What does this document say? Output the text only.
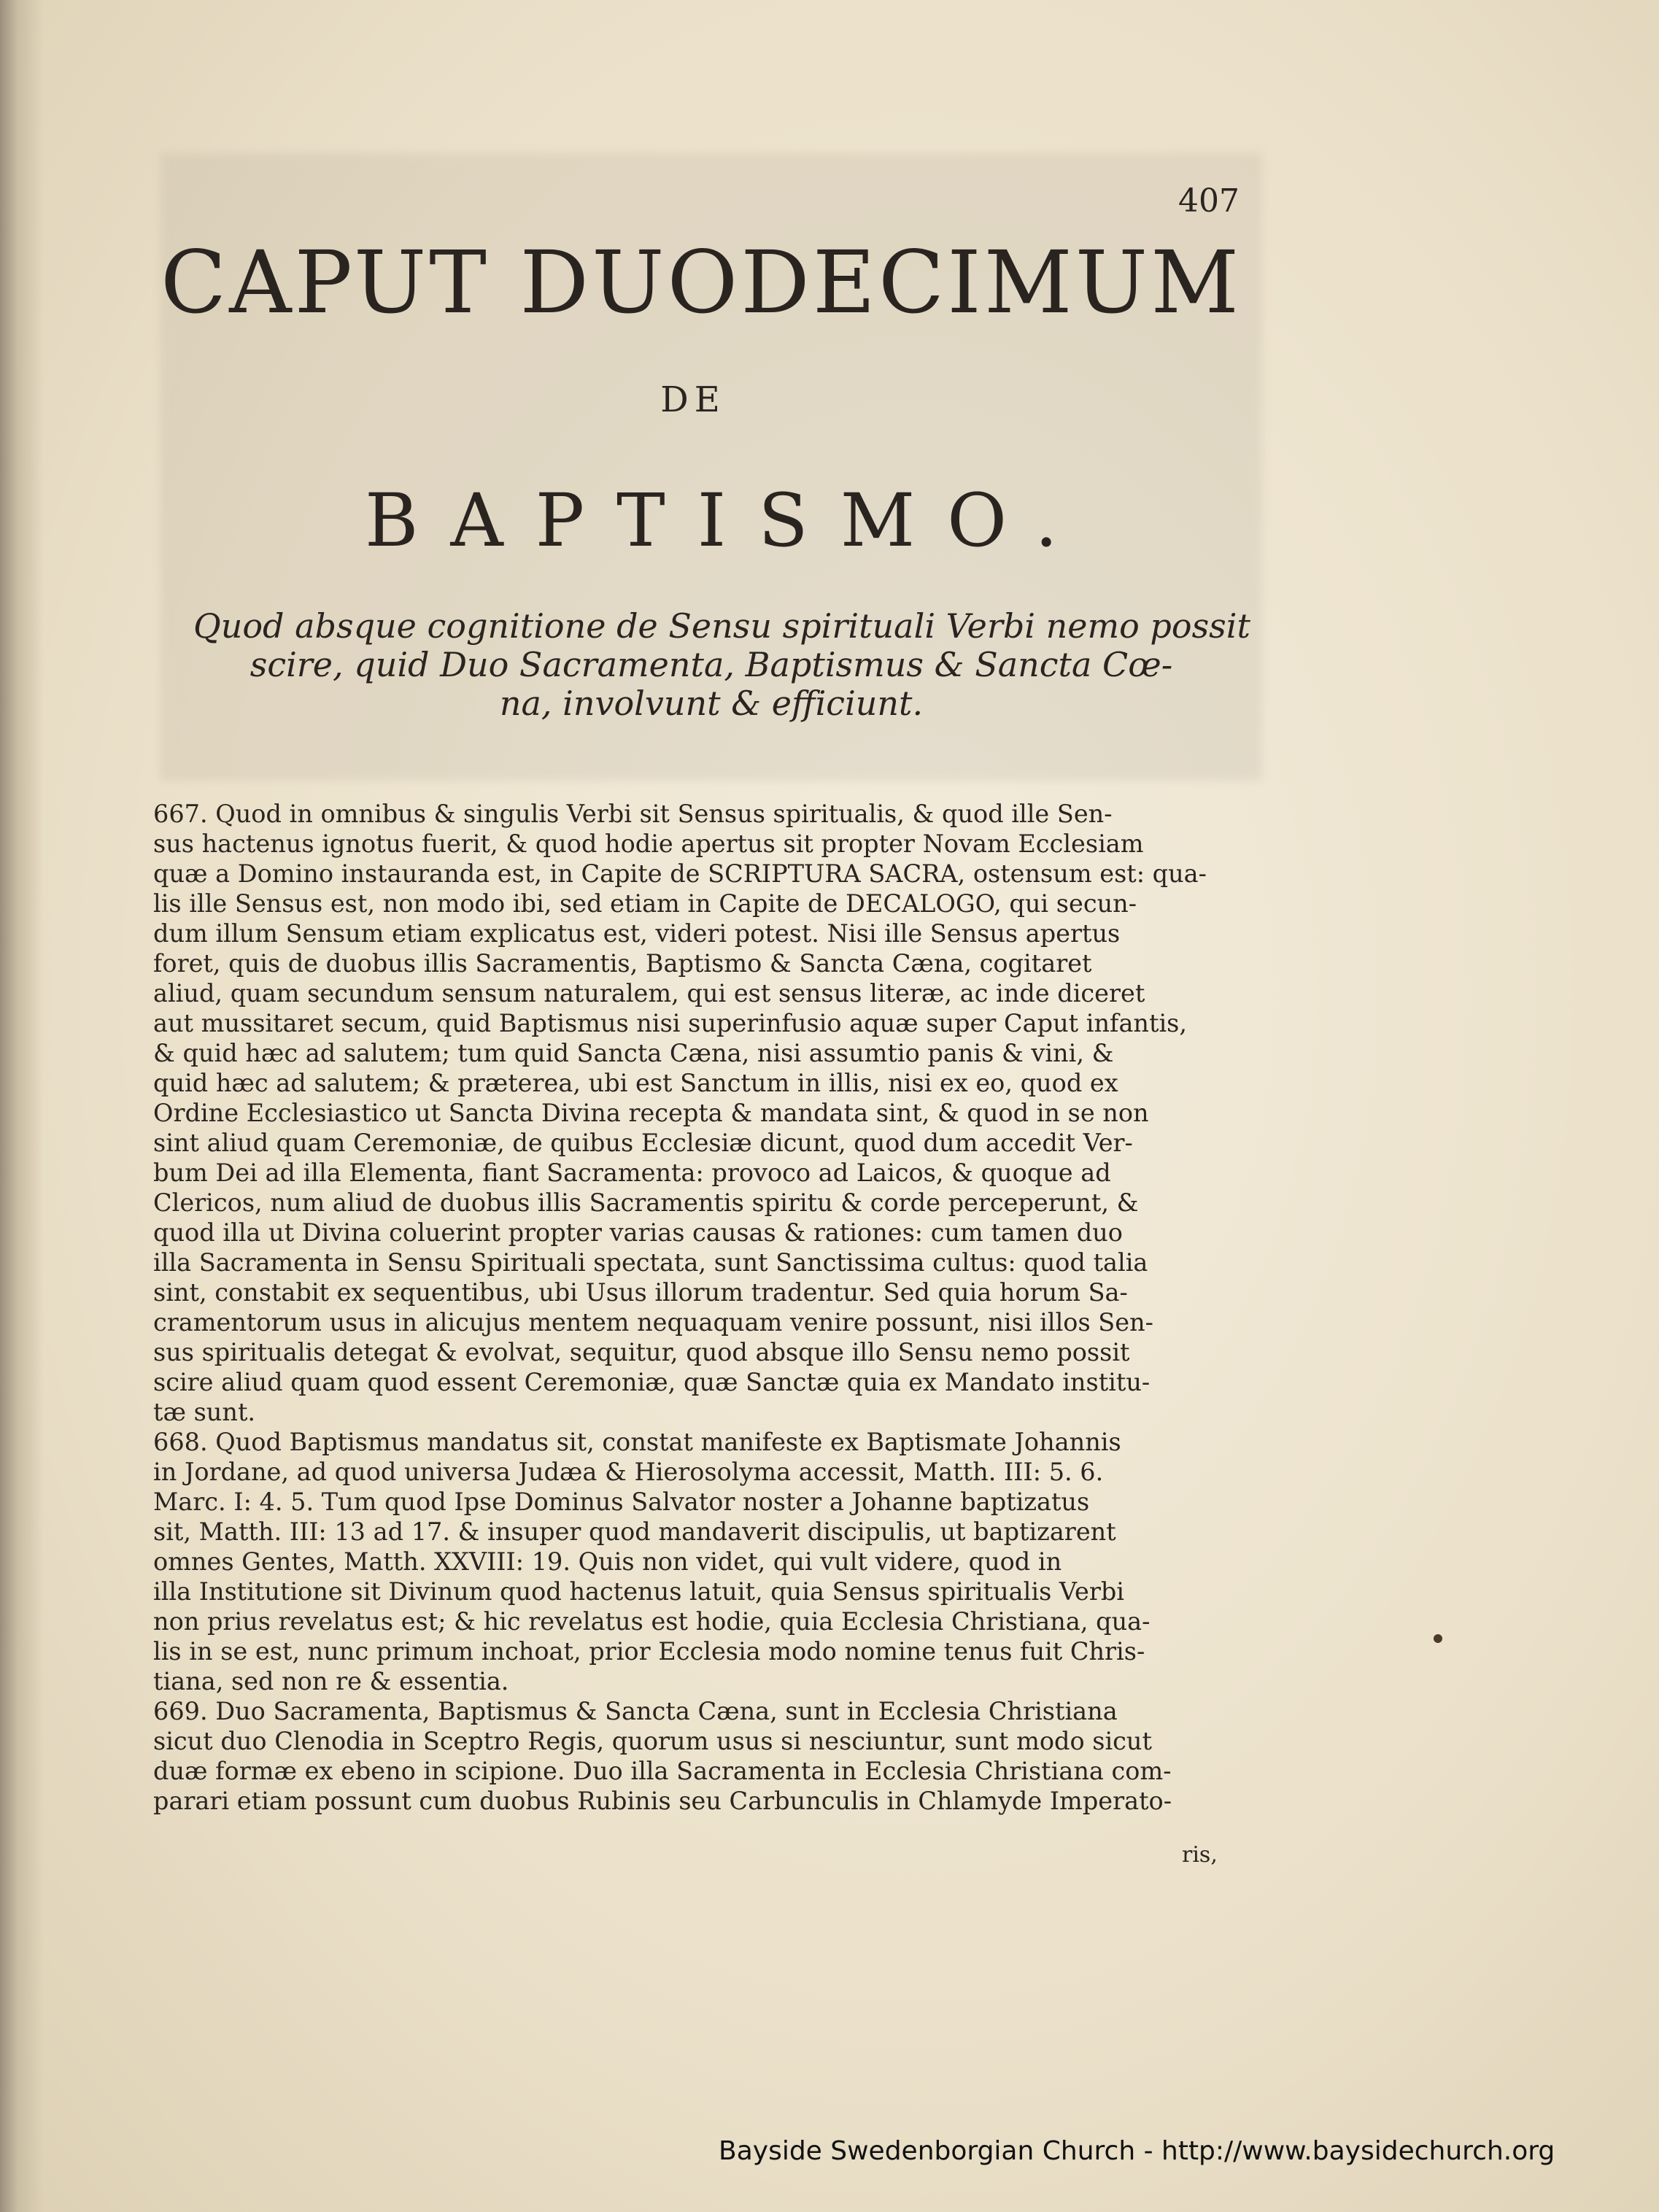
407
CAPUT DUODECIMUM
DE
BAPTISMO.
Quod absque cognitione de Sensu spirituali Verbi nemo possit
scire, quid Duo Sacramenta, Baptismus & Sancta Cœ-
na, involvunt & efficiunt.
667. Quod in omnibus & singulis Verbi sit Sensus spiritualis, & quod ille Sen-
sus hactenus ignotus fuerit, & quod hodie apertus sit propter Novam Ecclesiam
quæ a Domino instauranda est, in Capite de SCRIPTURA SACRA, ostensum est: qua-
lis ille Sensus est, non modo ibi, sed etiam in Capite de DECALOGO, qui secun-
dum illum Sensum etiam explicatus est, videri potest. Nisi ille Sensus apertus
foret, quis de duobus illis Sacramentis, Baptismo & Sancta Cæna, cogitaret
aliud, quam secundum sensum naturalem, qui est sensus literæ, ac inde diceret
aut mussitaret secum, quid Baptismus nisi superinfusio aquæ super Caput infantis,
& quid hæc ad salutem; tum quid Sancta Cæna, nisi assumtio panis & vini, &
quid hæc ad salutem; & præterea, ubi est Sanctum in illis, nisi ex eo, quod ex
Ordine Ecclesiastico ut Sancta Divina recepta & mandata sint, & quod in se non
sint aliud quam Ceremoniæ, de quibus Ecclesiæ dicunt, quod dum accedit Ver-
bum Dei ad illa Elementa, fiant Sacramenta: provoco ad Laicos, & quoque ad
Clericos, num aliud de duobus illis Sacramentis spiritu & corde perceperunt, &
quod illa ut Divina coluerint propter varias causas & rationes: cum tamen duo
illa Sacramenta in Sensu Spirituali spectata, sunt Sanctissima cultus: quod talia
sint, constabit ex sequentibus, ubi Usus illorum tradentur. Sed quia horum Sa-
cramentorum usus in alicujus mentem nequaquam venire possunt, nisi illos Sen-
sus spiritualis detegat & evolvat, sequitur, quod absque illo Sensu nemo possit
scire aliud quam quod essent Ceremoniæ, quæ Sanctæ quia ex Mandato institu-
tæ sunt.
668. Quod Baptismus mandatus sit, constat manifeste ex Baptismate Johannis
in Jordane, ad quod universa Judæa & Hierosolyma accessit, Matth. III: 5. 6.
Marc. I: 4. 5. Tum quod Ipse Dominus Salvator noster a Johanne baptizatus
sit, Matth. III: 13 ad 17. & insuper quod mandaverit discipulis, ut baptizarent
omnes Gentes, Matth. XXVIII: 19. Quis non videt, qui vult videre, quod in
illa Institutione sit Divinum quod hactenus latuit, quia Sensus spiritualis Verbi
non prius revelatus est; & hic revelatus est hodie, quia Ecclesia Christiana, qua-
lis in se est, nunc primum inchoat, prior Ecclesia modo nomine tenus fuit Chris-
tiana, sed non re & essentia.
669. Duo Sacramenta, Baptismus & Sancta Cæna, sunt in Ecclesia Christiana
sicut duo Clenodia in Sceptro Regis, quorum usus si nesciuntur, sunt modo sicut
duæ formæ ex ebeno in scipione. Duo illa Sacramenta in Ecclesia Christiana com-
parari etiam possunt cum duobus Rubinis seu Carbunculis in Chlamyde Imperato-
ris,
Bayside Swedenborgian Church - http://www.baysidechurch.org
